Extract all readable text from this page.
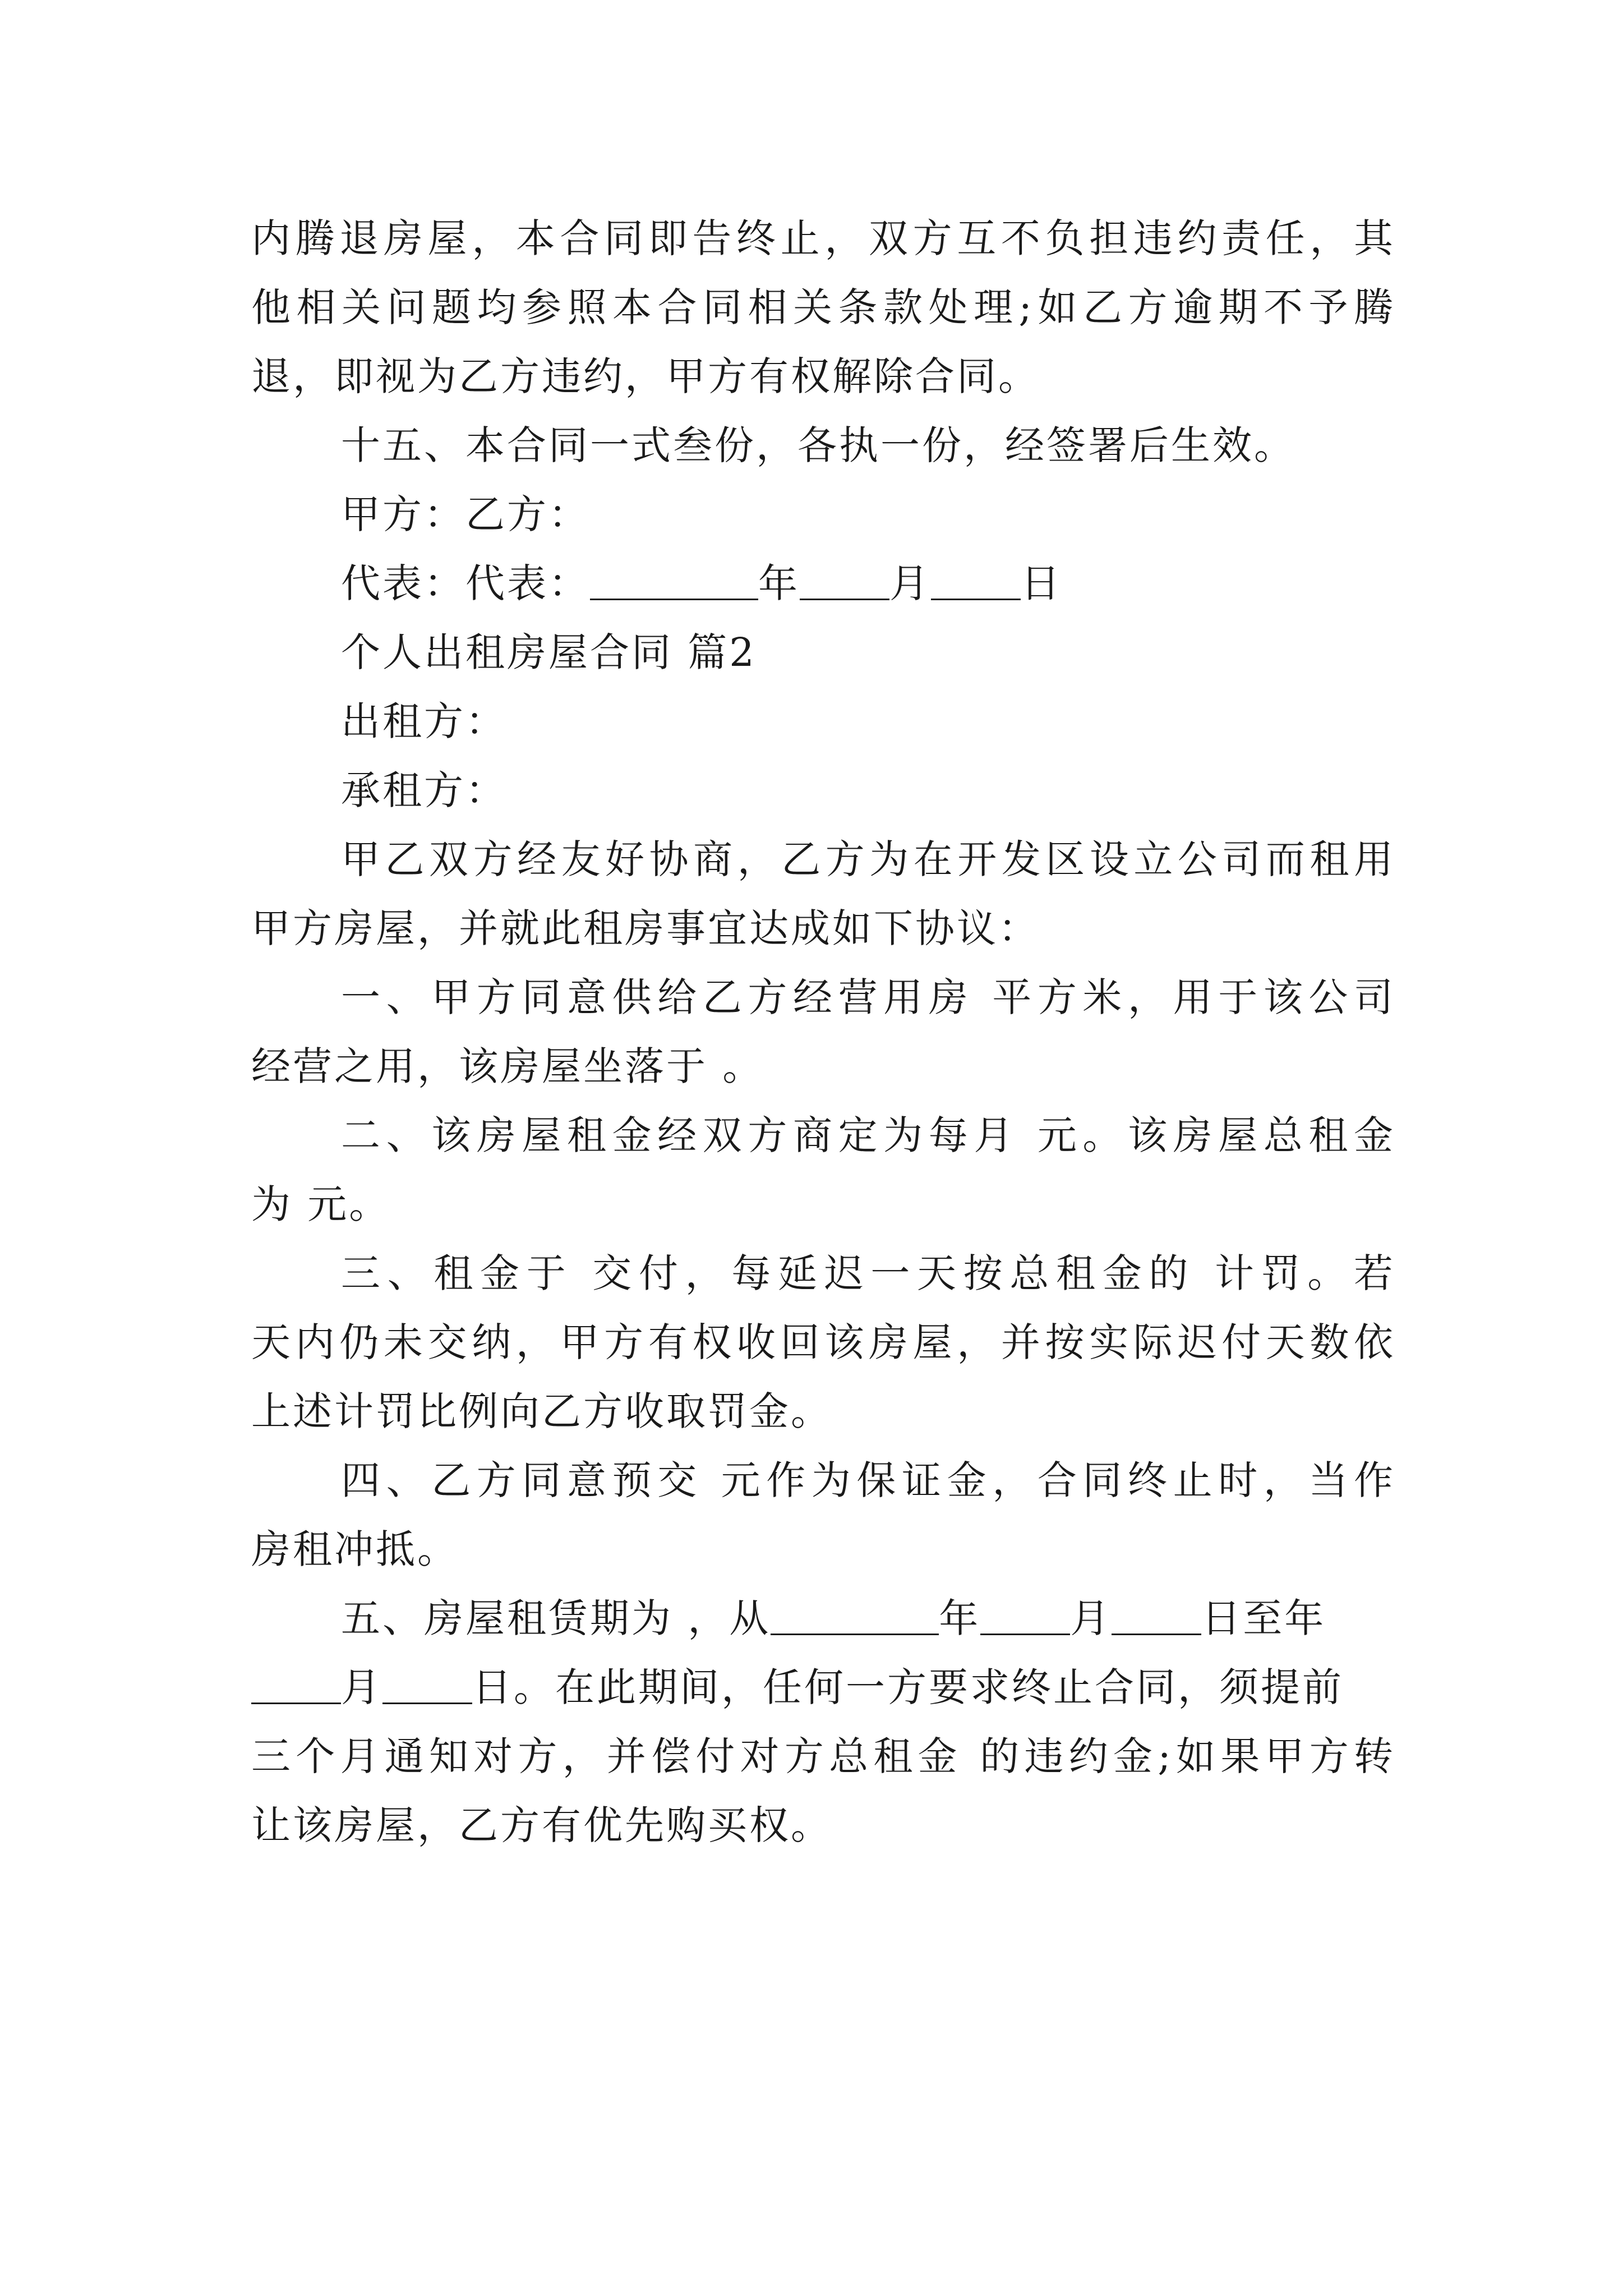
内腾退房屋，本合同即告终止，双方互不负担违约责任，其
他相关问题均参照本合同相关条款处理;如乙方逾期不予腾
退，即视为乙方违约，甲方有权解除合同。
十五、本合同一式叁份，各执一份，经签署后生效。
甲方：乙方：
代表：代表：	年 月 日
个人出租房屋合同 篇2
出租方：
承租方：
甲乙双方经友好协商，乙方为在开发区设立公司而租用
甲方房屋，并就此租房事宜达成如下协议：
一、甲方同意供给乙方经营用房 平方米，用于该公司
经营之用，该房屋坐落于 。
二、该房屋租金经双方商定为每月 元。该房屋总租金
为 元。
三、租金于 交付，每延迟一天按总租金的 计罚。若
天内仍未交纳，甲方有权收回该房屋，并按实际迟付天数依
上述计罚比例向乙方收取罚金。
四、乙方同意预交 元作为保证金，合同终止时，当作
房租冲抵。
五、房屋租赁期为 ，从	年 月 日至年
月 日。在此期间，任何一方要求终止合同，须提前
三个月通知对方，并偿付对方总租金 的违约金;如果甲方转
让该房屋，乙方有优先购买权。
